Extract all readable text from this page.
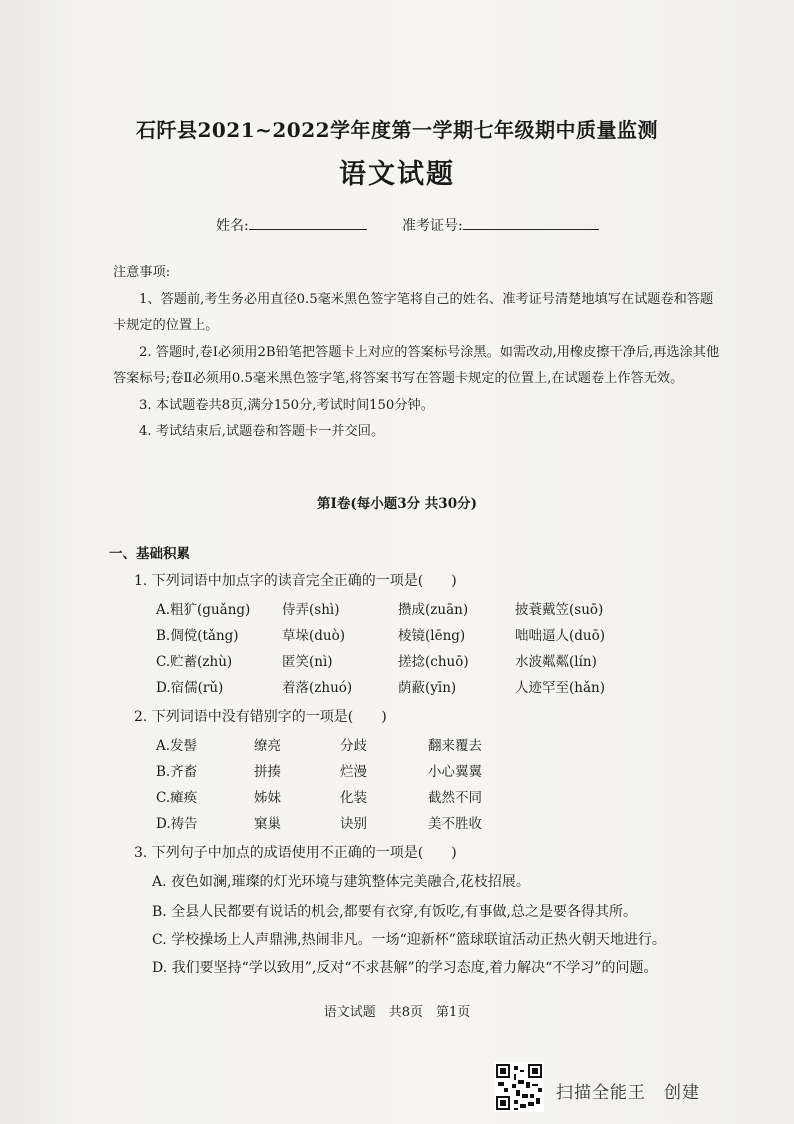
石阡县2021~2022学年度第一学期七年级期中质量监测
语文试题
姓名:	准考证号:

注意事项:

1、答题前,考生务必用直径0.5毫米黑色签字笔将自己的姓名、准考证号清楚地填写在试题卷和答题卡规定的位置上。

2. 答题时,卷Ⅰ必须用2B铅笔把答题卡上对应的答案标号涂黑。如需改动,用橡皮擦干净后,再选涂其他答案标号;卷Ⅱ必须用0.5毫米黑色签字笔,将答案书写在答题卡规定的位置上,在试题卷上作答无效。

3. 本试题卷共8页,满分150分,考试时间150分钟。

4. 考试结束后,试题卷和答题卡一并交回。

第Ⅰ卷(每小题3分 共30分)
一、基础积累
1. 下列词语中加点字的读音完全正确的一项是(　　)
A.粗犷(guǎng) 侍弄(shì)	攒成(zuān)	披蓑戴笠(suō)
B.倜傥(tǎng)	草垛(duò)	棱镜(lēng)	咄咄逼人(duō)
C.贮蓄(zhù)	匿笑(nì)	搓捻(chuō)	水波粼粼(lín)
D.宿儒(rǔ)	着落(zhuó)	荫蔽(yīn)	人迹罕至(hǎn)
2. 下列词语中没有错别字的一项是(　　)
A.发髻	缭亮	分歧	翻来覆去
B.齐畜	拼揍	烂漫	小心翼翼
C.瘫痪	姊妹	化装	截然不同
D.祷告	窠巢	诀别	美不胜收
3. 下列句子中加点的成语使用不正确的一项是(　　)
A. 夜色如澜,璀璨的灯光环境与建筑整体完美融合,花枝招展。
B. 全县人民都要有说话的机会,都要有衣穿,有饭吃,有事做,总之是要各得其所。
C. 学校操场上人声鼎沸,热闹非凡。一场“迎新杯”篮球联谊活动正热火朝天地进行。
D. 我们要坚持“学以致用”,反对“不求甚解”的学习态度,着力解决“不学习”的问题。
语文试题　共8页　第1页
扫描全能王　创建
